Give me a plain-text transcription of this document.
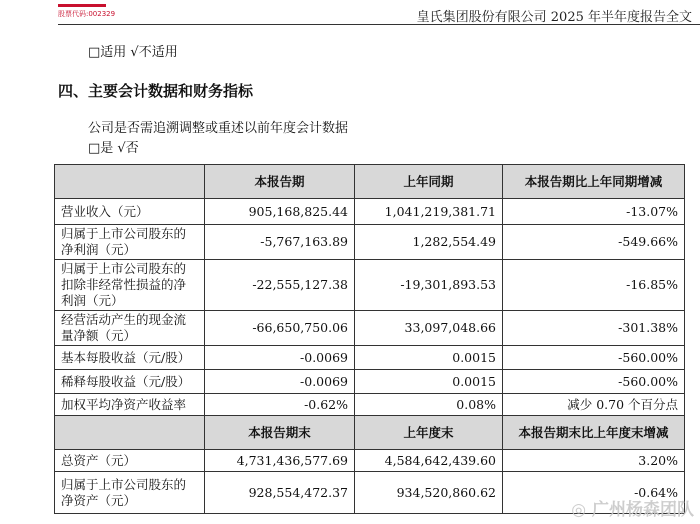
股票代码:002329	皇氏集团股份有限公司 2025 年半年度报告全文
□适用 √不适用
四、主要会计数据和财务指标
公司是否需追溯调整或重述以前年度会计数据
□是 √否
	本报告期	上年同期	本报告期比上年同期增减
营业收入（元）	905,168,825.44	1,041,219,381.71	-13.07%
归属于上市公司股东的净利润（元）	-5,767,163.89	1,282,554.49	-549.66%
归属于上市公司股东的扣除非经常性损益的净利润（元）	-22,555,127.38	-19,301,893.53	-16.85%
经营活动产生的现金流量净额（元）	-66,650,750.06	33,097,048.66	-301.38%
基本每股收益（元/股）	-0.0069	0.0015	-560.00%
稀释每股收益（元/股）	-0.0069	0.0015	-560.00%
加权平均净资产收益率	-0.62%	0.08%	减少 0.70 个百分点
	本报告期末	上年度末	本报告期末比上年度末增减
总资产（元）	4,731,436,577.69	4,584,642,439.60	3.20%
归属于上市公司股东的净资产（元）	928,554,472.37	934,520,860.62	-0.64%
◎ 广州杨森团队
